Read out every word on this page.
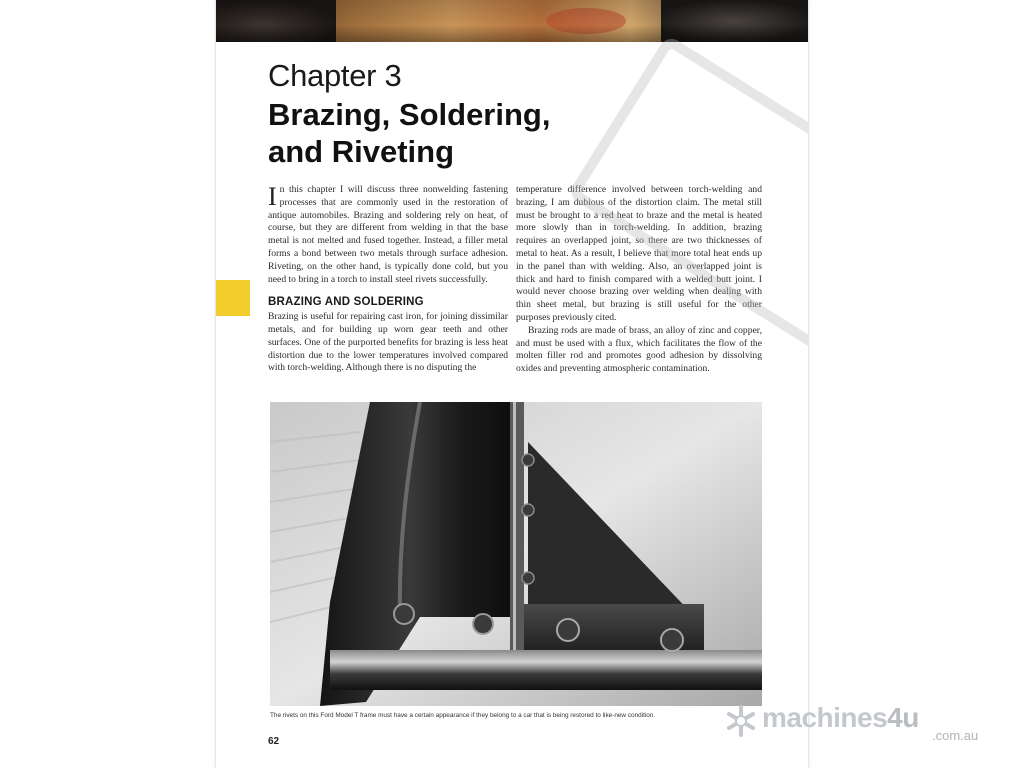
Chapter 3
Brazing, Soldering,
and Riveting

In this chapter I will discuss three nonwelding fastening processes that are commonly used in the restoration of antique automobiles. Brazing and soldering rely on heat, of course, but they are different from welding in that the base metal is not melted and fused together. Instead, a filler metal forms a bond between two metals through surface adhesion. Riveting, on the other hand, is typically done cold, but you need to bring in a torch to install steel rivets successfully.

BRAZING AND SOLDERING

Brazing is useful for repairing cast iron, for joining dissimilar metals, and for building up worn gear teeth and other surfaces. One of the purported benefits for brazing is less heat distortion due to the lower temperatures involved compared with torch-welding. Although there is no disputing the

temperature difference involved between torch-welding and brazing, I am dubious of the distortion claim. The metal still must be brought to a red heat to braze and the metal is heated more slowly than in torch-welding. In addition, brazing requires an overlapped joint, so there are two thicknesses of metal to heat. As a result, I believe that more total heat ends up in the panel than with welding. Also, an overlapped joint is thick and hard to finish compared with a welded butt joint. I would never choose brazing over welding when dealing with thin sheet metal, but brazing is still useful for the other purposes previously cited.

Brazing rods are made of brass, an alloy of zinc and copper, and must be used with a flux, which facilitates the flow of the molten filler rod and promotes good adhesion by dissolving oxides and preventing atmospheric contamination.

The rivets on this Ford Model T frame must have a certain appearance if they belong to a car that is being restored to like-new condition.
62
machines4u
.com.au
